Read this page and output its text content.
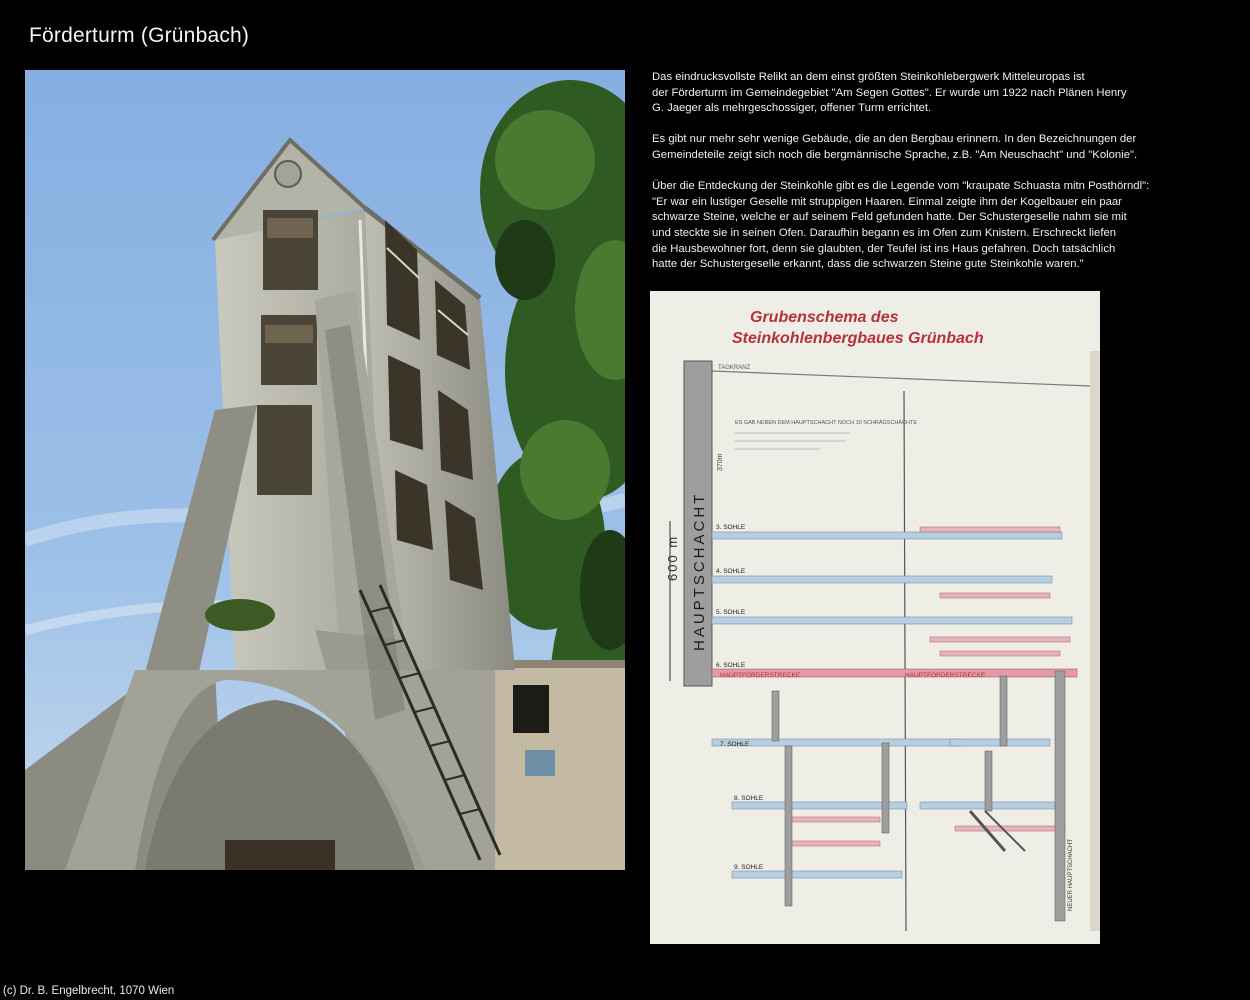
Förderturm (Grünbach)

Das eindrucksvollste Relikt an dem einst größten Steinkohlebergwerk Mitteleuropas ist
der Förderturm im Gemeindegebiet "Am Segen Gottes". Er wurde um 1922 nach Plänen Henry
G. Jaeger als mehrgeschossiger, offener Turm errichtet.

Es gibt nur mehr sehr wenige Gebäude, die an den Bergbau erinnern. In den Bezeichnungen der
Gemeindeteile zeigt sich noch die bergmännische Sprache, z.B. "Am Neuschacht" und "Kolonie".

Über die Entdeckung der Steinkohle gibt es die Legende vom "kraupate Schuasta mitn Posthörndl":
"Er war ein lustiger Geselle mit struppigen Haaren. Einmal zeigte ihm der Kogelbauer ein paar
schwarze Steine, welche er auf seinem Feld gefunden hatte. Der Schustergeselle nahm sie mit
und steckte sie in seinen Ofen. Daraufhin begann es im Ofen zum Knistern. Erschreckt liefen
die Hausbewohner fort, denn sie glaubten, der Teufel ist ins Haus gefahren. Doch tatsächlich
hatte der Schustergeselle erkannt, dass die schwarzen Steine gute Steinkohle waren."

Grubenschema des
Steinkohlenbergbaues Grünbach
TAGKRANZ
HAUPTSCHACHT
600 m
370m
ES GAB NEBEN DEM HAUPTSCHACHT NOCH 10 SCHRÄGSCHÄCHTE
3. SOHLE
4. SOHLE
5. SOHLE
6. SOHLE
7. SOHLE
8. SOHLE
9. SOHLE
HAUPTFÖRDERSTRECKE	HAUPTFÖRDERSTRECKE
NEUER HAUPTSCHACHT
(c) Dr. B. Engelbrecht, 1070 Wien
